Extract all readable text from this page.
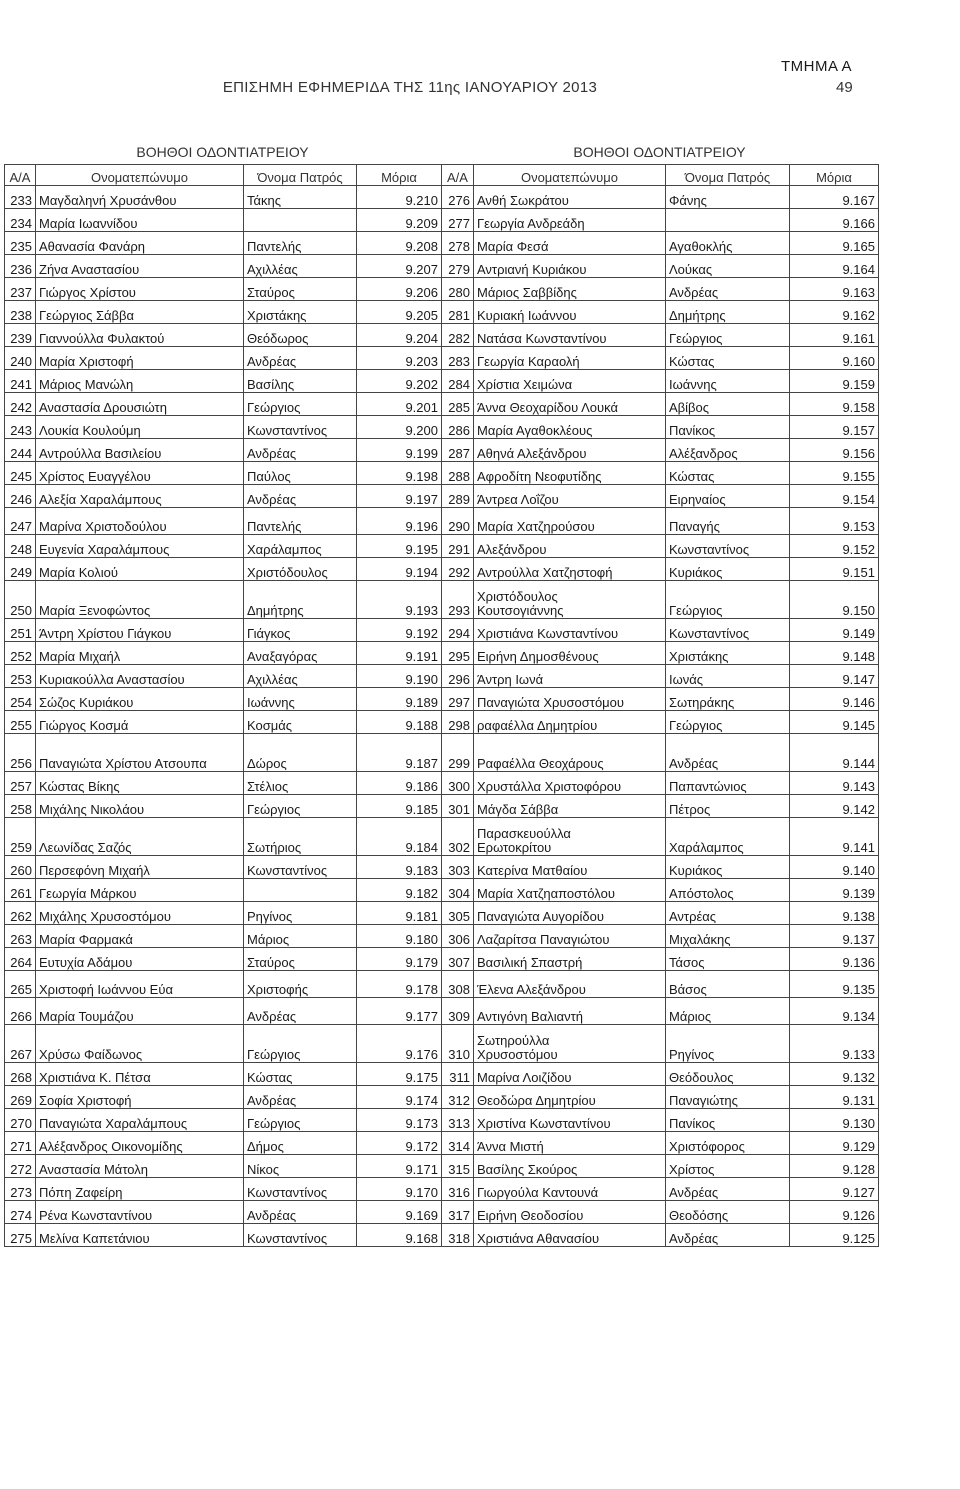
ΤΜΗΜΑ Α
ΕΠΙΣΗΜΗ ΕΦΗΜΕΡΙΔΑ ΤΗΣ 11ης ΙΑΝΟΥΑΡΙΟΥ 2013	49
ΒΟΗΘΟΙ ΟΔΟΝΤΙΑΤΡΕΙΟΥ
Α/Α	Ονοματεπώνυμο	Όνομα Πατρός	Μόρια
233	Μαγδαληνή Χρυσάνθου	Τάκης	9.210
234	Μαρία Ιωαννίδου		9.209
235	Αθανασία Φανάρη	Παντελής	9.208
236	Ζήνα Αναστασίου	Αχιλλέας	9.207
237	Γιώργος Χρίστου	Σταύρος	9.206
238	Γεώργιος Σάββα	Χριστάκης	9.205
239	Γιαννούλλα Φυλακτού	Θεόδωρος	9.204
240	Μαρία Χριστοφή	Ανδρέας	9.203
241	Μάριος Μανώλη	Βασίλης	9.202
242	Αναστασία Δρουσιώτη	Γεώργιος	9.201
243	Λουκία Κουλούμη	Κωνσταντίνος	9.200
244	Αντρούλλα Βασιλείου	Ανδρέας	9.199
245	Χρίστος Ευαγγέλου	Παύλος	9.198
246	Αλεξία Χαραλάμπους	Ανδρέας	9.197
247	Μαρίνα Χριστοδούλου	Παντελής	9.196
248	Ευγενία Χαραλάμπους	Χαράλαμπος	9.195
249	Μαρία Κολιού	Χριστόδουλος	9.194
250	Μαρία Ξενοφώντος	Δημήτρης	9.193
251	Άντρη Χρίστου Γιάγκου	Γιάγκος	9.192
252	Μαρία Μιχαήλ	Αναξαγόρας	9.191
253	Κυριακούλλα Αναστασίου	Αχιλλέας	9.190
254	Σώζος Κυριάκου	Ιωάννης	9.189
255	Γιώργος Κοσμά	Κοσμάς	9.188
256	Παναγιώτα Χρίστου Ατσουπα	Δώρος	9.187
257	Κώστας Βίκης	Στέλιος	9.186
258	Μιχάλης Νικολάου	Γεώργιος	9.185
259	Λεωνίδας Σαζός	Σωτήριος	9.184
260	Περσεφόνη Μιχαήλ	Κωνσταντίνος	9.183
261	Γεωργία Μάρκου		9.182
262	Μιχάλης Χρυσοστόμου	Ρηγίνος	9.181
263	Μαρία Φαρμακά	Μάριος	9.180
264	Ευτυχία Αδάμου	Σταύρος	9.179
265	Χριστοφή Ιωάννου Εύα	Χριστοφής	9.178
266	Μαρία Τουμάζου	Ανδρέας	9.177
267	Χρύσω Φαίδωνος	Γεώργιος	9.176
268	Χριστιάνα Κ. Πέτσα	Κώστας	9.175
269	Σοφία Χριστοφή	Ανδρέας	9.174
270	Παναγιώτα Χαραλάμπους	Γεώργιος	9.173
271	Αλέξανδρος Οικονομίδης	Δήμος	9.172
272	Αναστασία Μάτολη	Νίκος	9.171
273	Πόπη Ζαφείρη	Κωνσταντίνος	9.170
274	Ρένα Κωνσταντίνου	Ανδρέας	9.169
275	Μελίνα Καπετάνιου	Κωνσταντίνος	9.168
ΒΟΗΘΟΙ ΟΔΟΝΤΙΑΤΡΕΙΟΥ
Α/Α	Ονοματεπώνυμο	Όνομα Πατρός	Μόρια
276	Ανθή Σωκράτου	Φάνης	9.167
277	Γεωργία Ανδρεάδη		9.166
278	Μαρία Φεσά	Αγαθοκλής	9.165
279	Αντριανή Κυριάκου	Λούκας	9.164
280	Μάριος Σαββίδης	Ανδρέας	9.163
281	Κυριακή Ιωάννου	Δημήτρης	9.162
282	Νατάσα Κωνσταντίνου	Γεώργιος	9.161
283	Γεωργία Καραολή	Κώστας	9.160
284	Χρίστια Χειμώνα	Ιωάννης	9.159
285	Άννα Θεοχαρίδου Λουκά	Αβίβος	9.158
286	Μαρία Αγαθοκλέους	Πανίκος	9.157
287	Αθηνά Αλεξάνδρου	Αλέξανδρος	9.156
288	Αφροδίτη Νεοφυτίδης	Κώστας	9.155
289	Άντρεα Λοΐζου	Ειρηναίος	9.154
290	Μαρία Χατζηρούσου	Παναγής	9.153
291	Αλεξάνδρου	Κωνσταντίνος	9.152
292	Αντρούλλα Χατζηστοφή	Κυριάκος	9.151
293	Χριστόδουλος
Κουτσογιάννης	Γεώργιος	9.150
294	Χριστιάνα Κωνσταντίνου	Κωνσταντίνος	9.149
295	Ειρήνη Δημοσθένους	Χριστάκης	9.148
296	Άντρη Ιωνά	Ιωνάς	9.147
297	Παναγιώτα Χρυσοστόμου	Σωτηράκης	9.146
298	ραφαέλλα Δημητρίου	Γεώργιος	9.145
299	Ραφαέλλα Θεοχάρους	Ανδρέας	9.144
300	Χρυστάλλα Χριστοφόρου	Παπαντώνιος	9.143
301	Μάγδα Σάββα	Πέτρος	9.142
302	Παρασκευούλλα
Ερωτοκρίτου	Χαράλαμπος	9.141
303	Κατερίνα Ματθαίου	Κυριάκος	9.140
304	Μαρία Χατζηαποστόλου	Απόστολος	9.139
305	Παναγιώτα Αυγορίδου	Αντρέας	9.138
306	Λαζαρίτσα Παναγιώτου	Μιχαλάκης	9.137
307	Βασιλική Σπαστρή	Τάσος	9.136
308	Έλενα Αλεξάνδρου	Βάσος	9.135
309	Αντιγόνη Βαλιαντή	Μάριος	9.134
310	Σωτηρούλλα
Χρυσοστόμου	Ρηγίνος	9.133
311	Μαρίνα Λοιζίδου	Θεόδουλος	9.132
312	Θεοδώρα Δημητρίου	Παναγιώτης	9.131
313	Χριστίνα Κωνσταντίνου	Πανίκος	9.130
314	Άννα Μιστή	Χριστόφορος	9.129
315	Βασίλης Σκούρος	Χρίστος	9.128
316	Γιωργούλα Καντουνά	Ανδρέας	9.127
317	Ειρήνη Θεοδοσίου	Θεοδόσης	9.126
318	Χριστιάνα Αθανασίου	Ανδρέας	9.125
